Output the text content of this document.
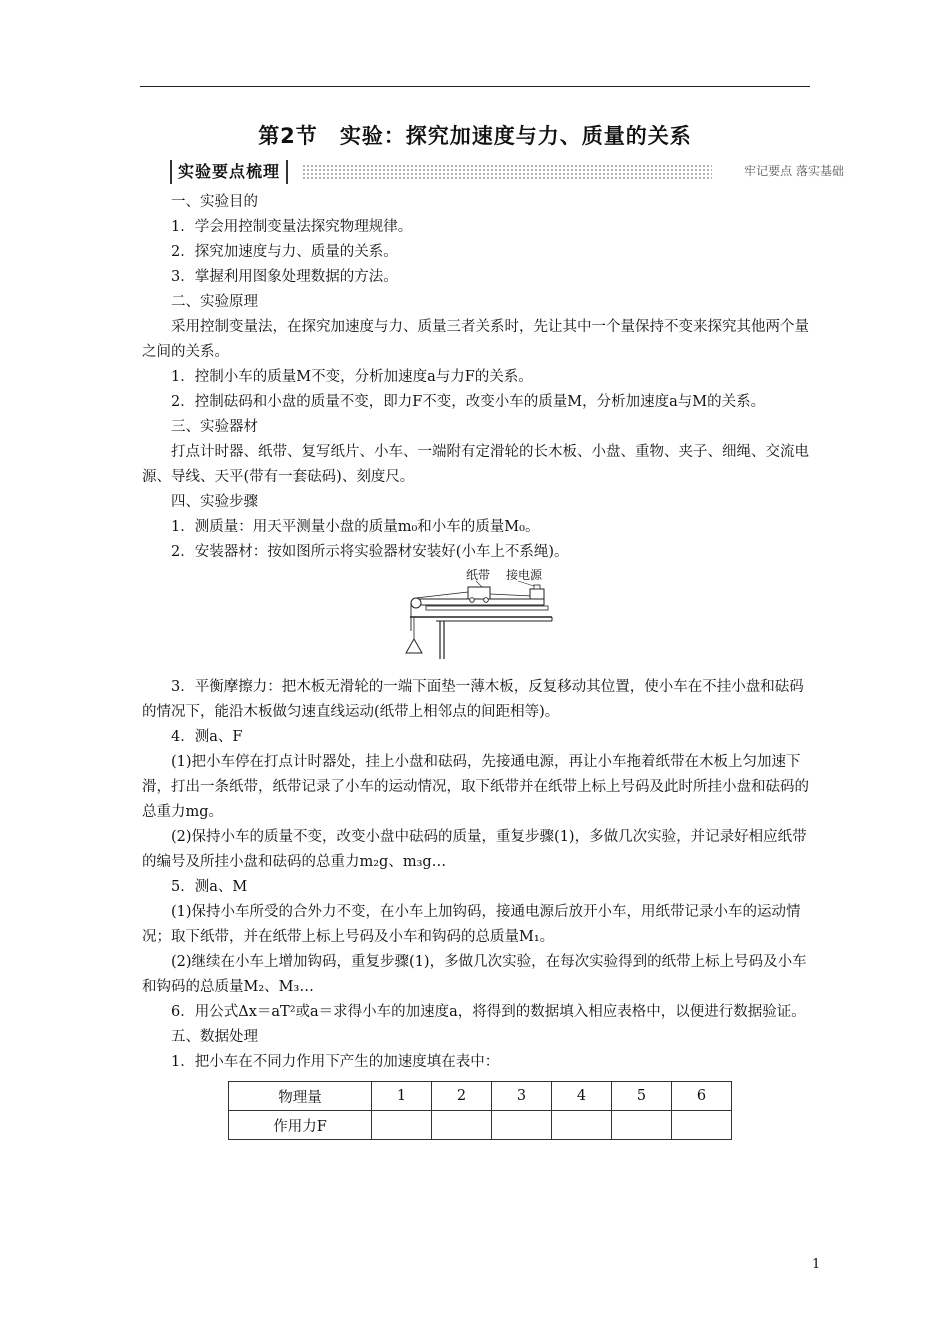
第2节 实验：探究加速度与力、质量的关系
实验要点梳理	牢记要点 落实基础

一、实验目的

1．学会用控制变量法探究物理规律。

2．探究加速度与力、质量的关系。

3．掌握利用图象处理数据的方法。

二、实验原理

采用控制变量法，在探究加速度与力、质量三者关系时，先让其中一个量保持不变来探究其他两个量之间的关系。

1．控制小车的质量M不变，分析加速度a与力F的关系。

2．控制砝码和小盘的质量不变，即力F不变，改变小车的质量M，分析加速度a与M的关系。

三、实验器材

打点计时器、纸带、复写纸片、小车、一端附有定滑轮的长木板、小盘、重物、夹子、细绳、交流电源、导线、天平(带有一套砝码)、刻度尺。

四、实验步骤

1．测质量：用天平测量小盘的质量m₀和小车的质量M₀。

2．安装器材：按如图所示将实验器材安装好(小车上不系绳)。

纸带 接电源

3．平衡摩擦力：把木板无滑轮的一端下面垫一薄木板，反复移动其位置，使小车在不挂小盘和砝码的情况下，能沿木板做匀速直线运动(纸带上相邻点的间距相等)。

4．测a、F

(1)把小车停在打点计时器处，挂上小盘和砝码，先接通电源，再让小车拖着纸带在木板上匀加速下滑，打出一条纸带，纸带记录了小车的运动情况，取下纸带并在纸带上标上号码及此时所挂小盘和砝码的总重力mg。

(2)保持小车的质量不变，改变小盘中砝码的质量，重复步骤(1)，多做几次实验，并记录好相应纸带的编号及所挂小盘和砝码的总重力m₂g、m₃g…

5．测a、M

(1)保持小车所受的合外力不变，在小车上加钩码，接通电源后放开小车，用纸带记录小车的运动情况；取下纸带，并在纸带上标上号码及小车和钩码的总质量M₁。

(2)继续在小车上增加钩码，重复步骤(1)，多做几次实验，在每次实验得到的纸带上标上号码及小车和钩码的总质量M₂、M₃…

6．用公式Δx＝aT²或a＝求得小车的加速度a，将得到的数据填入相应表格中，以便进行数据验证。

五、数据处理

1．把小车在不同力作用下产生的加速度填在表中：

物理量	1	2	3	4	5	6
作用力F						
1
